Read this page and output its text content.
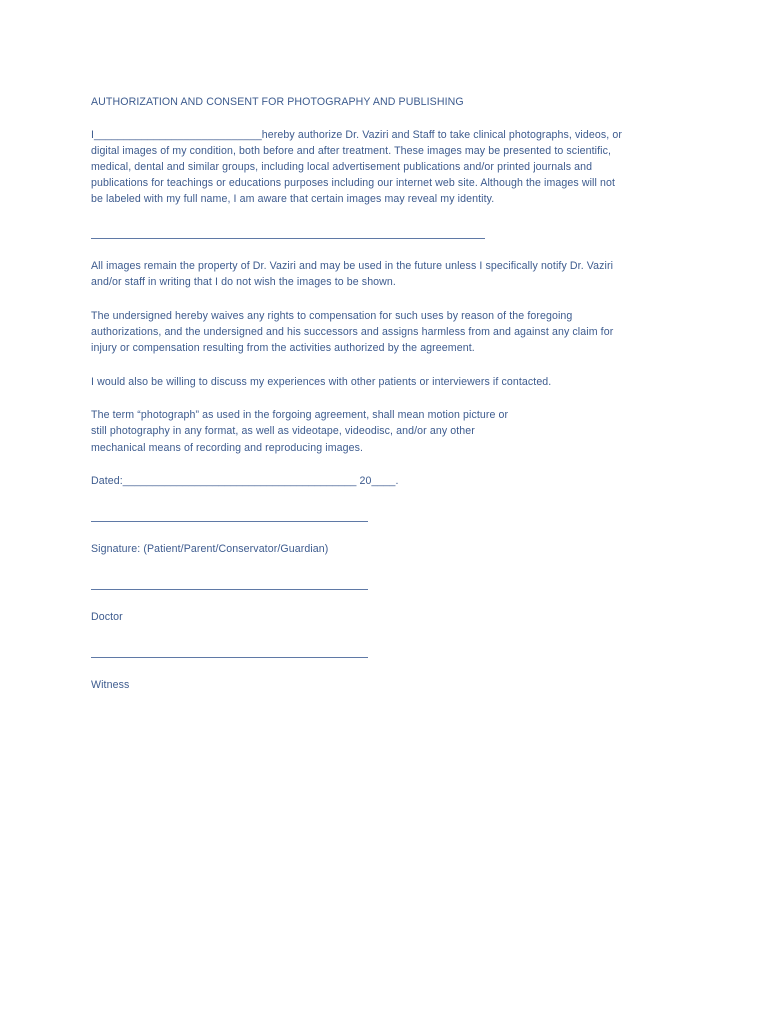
AUTHORIZATION AND CONSENT FOR PHOTOGRAPHY AND PUBLISHING

I____________________________hereby authorize Dr. Vaziri and Staff to take clinical photographs, videos, or

digital images of my condition, both before and after treatment. These images may be presented to scientific,

medical, dental and similar groups, including local advertisement publications and/or printed journals and

publications for teachings or educations purposes including our internet web site. Although the images will not

be labeled with my full name, I am aware that certain images may reveal my identity.

All images remain the property of Dr. Vaziri and may be used in the future unless I specifically notify Dr. Vaziri

and/or staff in writing that I do not wish the images to be shown.

The undersigned hereby waives any rights to compensation for such uses by reason of the foregoing

authorizations, and the undersigned and his successors and assigns harmless from and against any claim for

injury or compensation resulting from the activities authorized by the agreement.

I would also be willing to discuss my experiences with other patients or interviewers if contacted.

The term “photograph” as used in the forgoing agreement, shall mean motion picture or

still photography in any format, as well as videotape, videodisc, and/or any other

mechanical means of recording and reproducing images.

Dated:_______________________________________ 20____.

Signature: (Patient/Parent/Conservator/Guardian)

Doctor

Witness
